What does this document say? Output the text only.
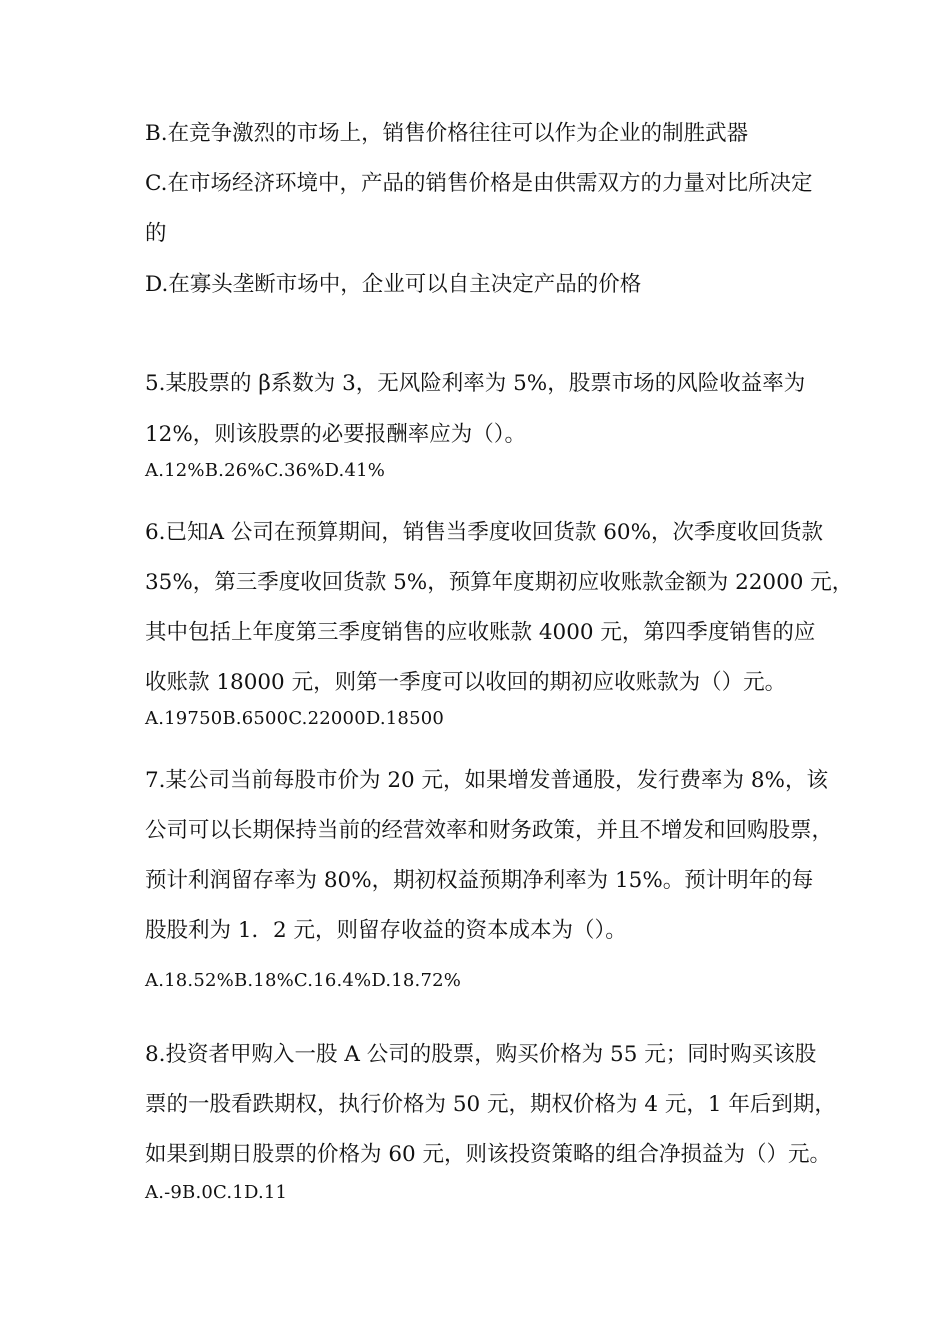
B.在竞争激烈的市场上，销售价格往往可以作为企业的制胜武器
C.在市场经济环境中，产品的销售价格是由供需双方的力量对比所决定
的
D.在寡头垄断市场中，企业可以自主决定产品的价格
5.某股票的 β系数为 3，无风险利率为 5%，股票市场的风险收益率为
12%，则该股票的必要报酬率应为（）。
A.12%B.26%C.36%D.41%
6.已知A 公司在预算期间，销售当季度收回货款 60%，次季度收回货款
35%，第三季度收回货款 5%，预算年度期初应收账款金额为 22000 元，
其中包括上年度第三季度销售的应收账款 4000 元，第四季度销售的应
收账款 18000 元，则第一季度可以收回的期初应收账款为（）元。
A.19750B.6500C.22000D.18500
7.某公司当前每股市价为 20 元，如果增发普通股，发行费率为 8%，该
公司可以长期保持当前的经营效率和财务政策，并且不增发和回购股票，
预计利润留存率为 80%，期初权益预期净利率为 15%。预计明年的每
股股利为 1．2 元，则留存收益的资本成本为（）。
A.18.52%B.18%C.16.4%D.18.72%
8.投资者甲购入一股 A 公司的股票，购买价格为 55 元；同时购买该股
票的一股看跌期权，执行价格为 50 元，期权价格为 4 元，1 年后到期，
如果到期日股票的价格为 60 元，则该投资策略的组合净损益为（）元。
A.-9B.0C.1D.11
